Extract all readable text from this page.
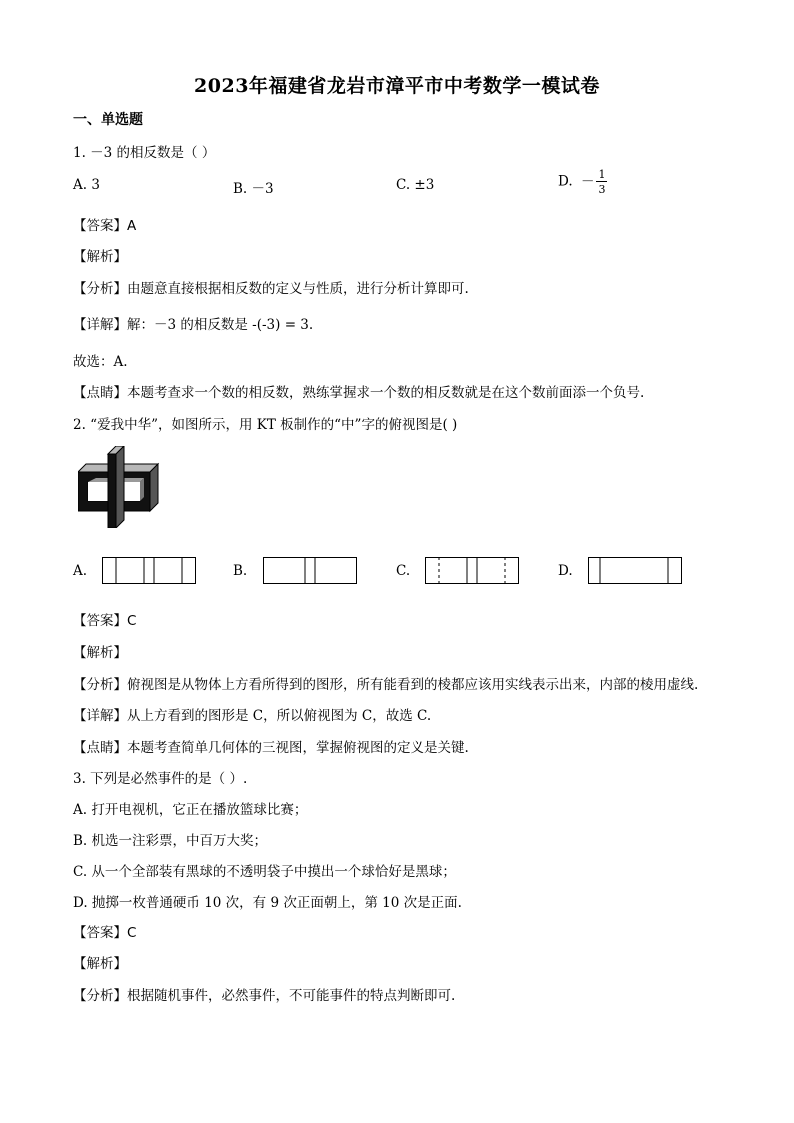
2023年福建省龙岩市漳平市中考数学一模试卷
一、单选题
1. －3 的相反数是（ ）
A. 3	B. －3	C. ±3	D. － $\frac{1}{3}$
【答案】A
【解析】
【分析】由题意直接根据相反数的定义与性质，进行分析计算即可.
【详解】解：－3 的相反数是 -(-3) = 3.
故选：A.
【点睛】本题考查求一个数的相反数，熟练掌握求一个数的相反数就是在这个数前面添一个负号.
2. “爱我中华”，如图所示，用 KT 板制作的“中”字的俯视图是( )
A.	B.	C.	D.
【答案】C
【解析】
【分析】俯视图是从物体上方看所得到的图形，所有能看到的棱都应该用实线表示出来，内部的棱用虚线.
【详解】从上方看到的图形是 C，所以俯视图为 C，故选 C.
【点睛】本题考查简单几何体的三视图，掌握俯视图的定义是关键.
3. 下列是必然事件的是（ ）.
A. 打开电视机，它正在播放篮球比赛；
B. 机选一注彩票，中百万大奖；
C. 从一个全部装有黑球的不透明袋子中摸出一个球恰好是黑球；
D. 抛掷一枚普通硬币 10 次，有 9 次正面朝上，第 10 次是正面.
【答案】C
【解析】
【分析】根据随机事件，必然事件，不可能事件的特点判断即可.
